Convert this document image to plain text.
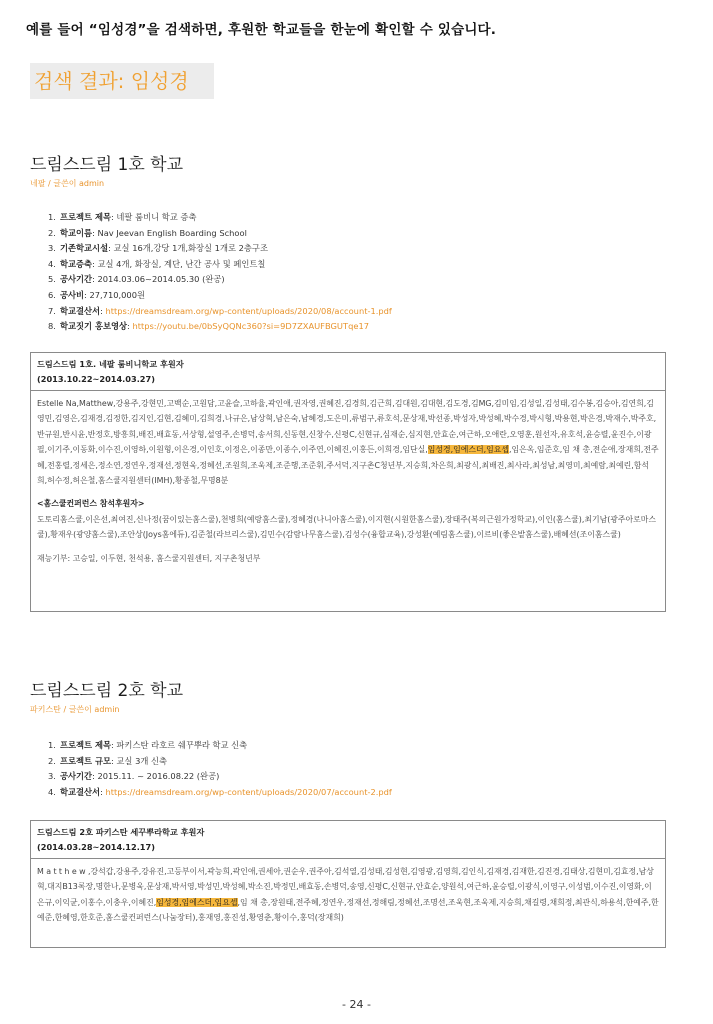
예를 들어 “임성경”을 검색하면, 후원한 학교들을 한눈에 확인할 수 있습니다.
검색 결과: 임성경
드림스드림 1호 학교
네팔 / 글쓴이 admin
1. 프로젝트 제목: 네팔 룸비니 학교 증축
2. 학교이름: Nav Jeevan English Boarding School
3. 기존학교시설: 교실 16개,강당 1개,화장실 1개로 2층구조
4. 학교증축: 교실 4개, 화장실, 계단, 난간 공사 및 페인트칠
5. 공사기간: 2014.03.06~2014.05.30 (완공)
6. 공사비: 27,710,000원
7. 학교결산서: https://dreamsdream.org/wp-content/uploads/2020/08/account-1.pdf
8. 학교짓기 홍보영상: https://youtu.be/0bSyQQNc360?si=9D7ZXAUFBGUTqe17
드림스드림 1호. 네팔 룸비니학교 후원자
(2013.10.22~2014.03.27)
Estelle Na,Matthew,강용주,강현민,고백순,고원담,고윤슬,고하율,곽인애,권자영,권혜진,김경희,김근희,김대원,김대현,김도경,김MG,김미임,김성일,김성태,김수봉,김승아,김연희,김영민,김영은,김재경,김정한,김지인,김현,김혜미,김희경,나규은,남상혁,남은숙,남혜경,도은미,류범구,류호석,문상재,박선종,박성자,박성혜,박수경,박시형,박용현,박은경,박재수,박주호,반규원,반시윤,반정호,방흥희,배진,배효동,서상형,설영주,손병덕,송서희,신동현,신창수,신평C,신현규,심재순,심지현,안효순,여근하,오애란,오영훈,원선자,유호석,윤승렬,윤진수,이광필,이기주,이동화,이수진,이영하,이원형,이은경,이인호,이정은,이종만,이종수,이주연,이혜진,이홍든,이희경,임단실,임성경,임에스더,임요셉,임은옥,임준호,임 채 총,전순애,장재희,전주혜,전홍렬,정세은,정소연,정연우,정재선,정현욱,정혜선,조원희,조욱제,조준행,조준휘,주서덕,지구촌C청년부,지승희,차은희,최광식,최배진,최사라,최성남,최영미,최예람,최예린,함석희,허수정,허은철,홈스쿨지원센터(IMH),황종철,무명8분
<홈스쿨컨퍼런스 참석후원자>
도토리홈스쿨,이은선,최여진,신나정(꿈이있는홈스쿨),천병희(예랑홈스쿨),정혜경(나니아홈스쿨),이지현(시원한홈스쿨),장태주(복의근원가정학교),이인(홈스쿨),최기남(광주아로마스쿨),황재우(광양홈스쿨),조안상(Joys홈에듀),김준철(라브리스쿨),김민수(감람나무홈스쿨),김성수(융합교육),강성환(예림홈스쿨),이르비(좋은밭홈스쿨),배혜선(조이홈스쿨)
재능기부: 고승일, 이두현, 천석용, 홈스쿨지원센터, 지구촌청년부
드림스드림 2호 학교
파키스탄 / 글쓴이 admin
1. 프로젝트 제목: 파키스탄 라호르 쉐꾸뿌라 학교 신축
2. 프로젝트 규모: 교실 3개 신축
3. 공사기간: 2015.11. ~ 2016.08.22 (완공)
4. 학교결산서: https://dreamsdream.org/wp-content/uploads/2020/07/account-2.pdf
드림스드림 2호 파키스탄 세꾸뿌라학교 후원자
(2014.03.28~2014.12.17)
Matthew,강석갑,강용주,강유진,고등부이서,곽능희,곽인애,권세아,권순우,권주아,김석열,김성태,김성현,김영광,김영희,김인식,김재경,김재한,김진경,김태상,김현미,김효정,남상혁,대지B13록장,명한나,문병욱,문상재,박서영,박성민,박성혜,박소진,박정민,배효동,손병덕,송영,신평C,신현규,안효순,양원석,여근하,윤승렬,이광식,이영구,이성범,이수진,이영화,이은규,이익균,이홍수,이충우,이혜진,임성경,임에스더,임요셉,임 채 총,장원태,전주혜,정연우,정재선,정해림,정혜선,조명선,조욱현,조욱제,지승희,채길령,채희정,최관식,하용석,한예주,한예준,한혜영,한호준,홈스쿨컨퍼런스(나눔장터),홍재영,홍진성,황영춘,황이수,홍덕(장재희)
- 24 -
